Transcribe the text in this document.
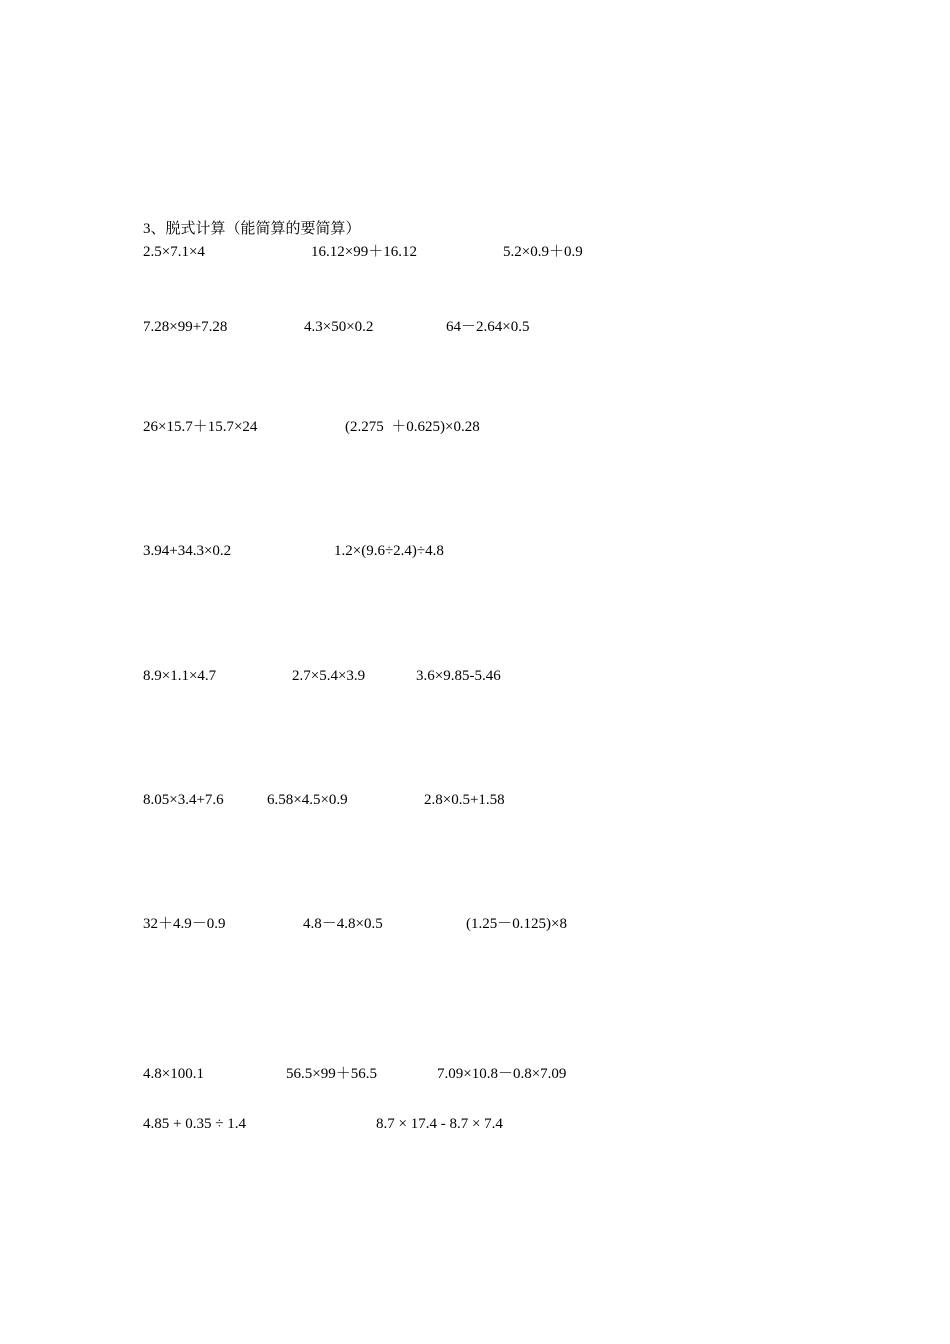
3、脱式计算（能简算的要简算）
2.5×7.1×4	16.12×99＋16.12	5.2×0.9＋0.9
7.28×99+7.28	4.3×50×0.2	64－2.64×0.5
26×15.7＋15.7×24	(2.275  ＋0.625)×0.28
3.94+34.3×0.2	1.2×(9.6÷2.4)÷4.8
8.9×1.1×4.7	2.7×5.4×3.9	3.6×9.85-5.46
8.05×3.4+7.6	6.58×4.5×0.9	2.8×0.5+1.58
32＋4.9－0.9	4.8－4.8×0.5	(1.25－0.125)×8
4.8×100.1	56.5×99＋56.5	7.09×10.8－0.8×7.09
4.85 + 0.35 ÷ 1.4	8.7 × 17.4 - 8.7 × 7.4
